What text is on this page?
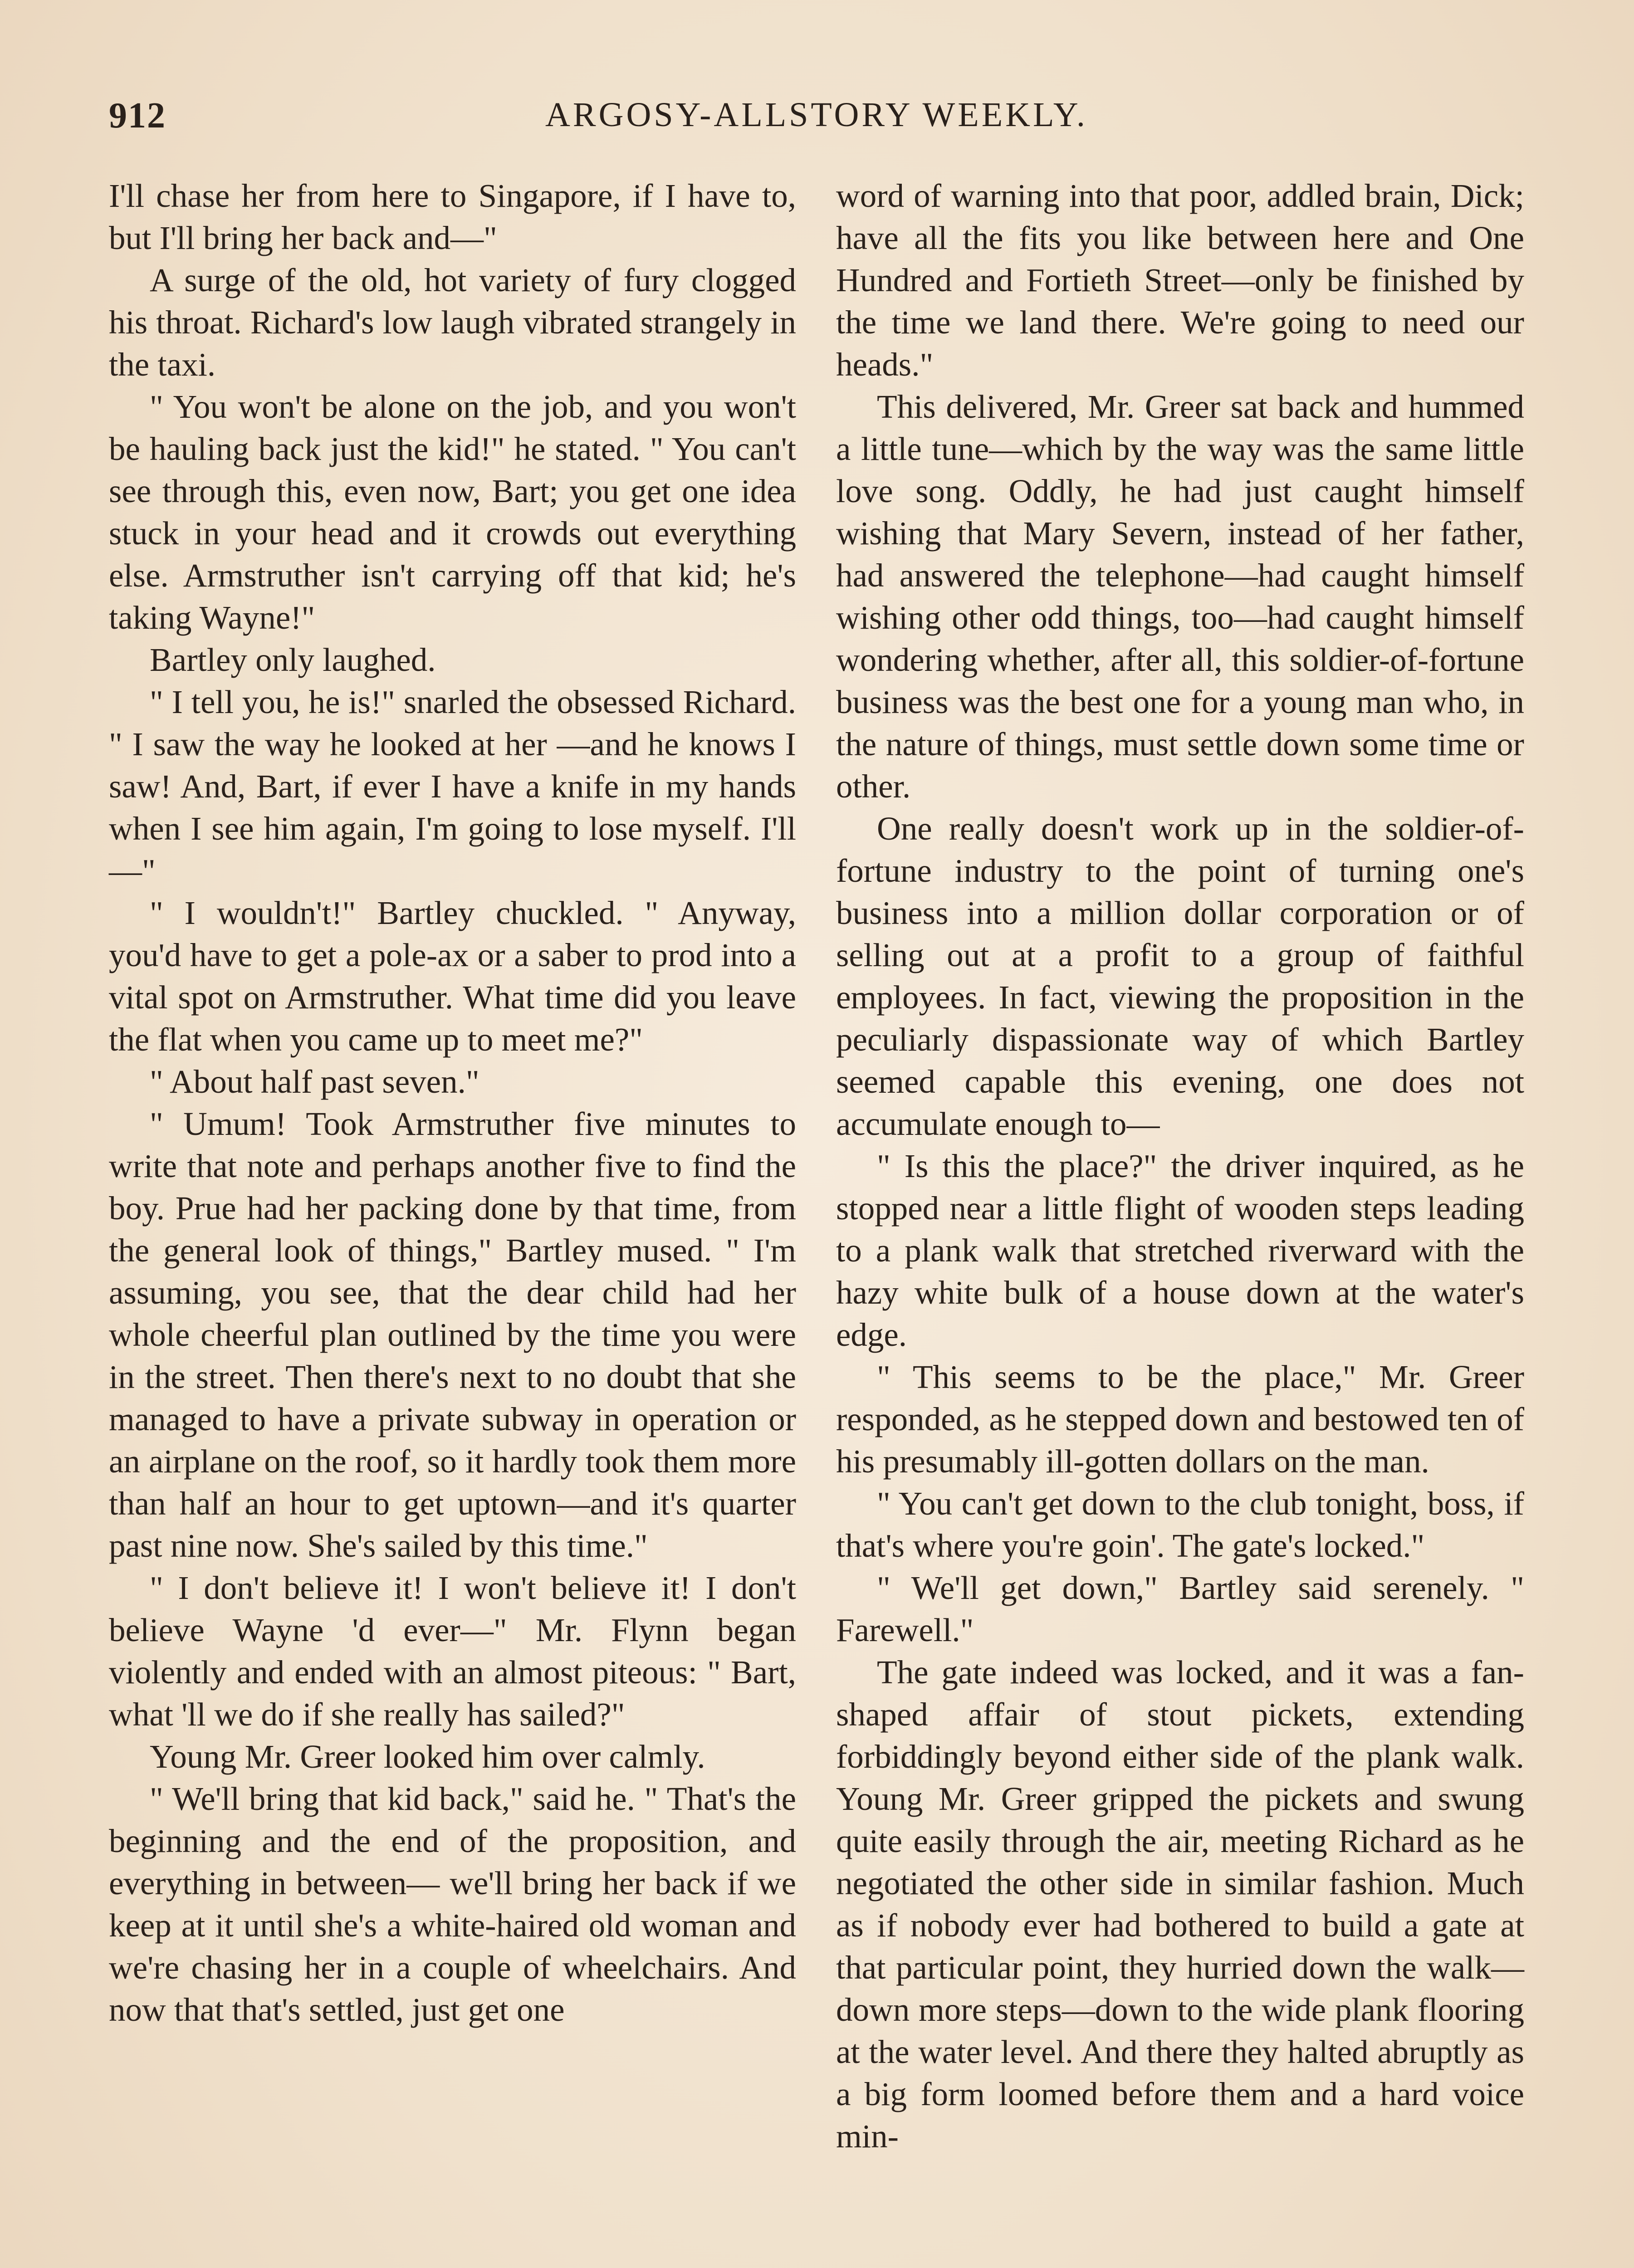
912	ARGOSY-ALLSTORY WEEKLY.

I'll chase her from here to Singapore, if I have to, but I'll bring her back and—"

A surge of the old, hot variety of fury clogged his throat. Richard's low laugh vibrated strangely in the taxi.

" You won't be alone on the job, and you won't be hauling back just the kid!" he stated. " You can't see through this, even now, Bart; you get one idea stuck in your head and it crowds out everything else. Armstruther isn't carrying off that kid; he's taking Wayne!"

Bartley only laughed.

" I tell you, he is!" snarled the obsessed Richard. " I saw the way he looked at her —and he knows I saw! And, Bart, if ever I have a knife in my hands when I see him again, I'm going to lose myself. I'll—"

" I wouldn't!" Bartley chuckled. " Anyway, you'd have to get a pole-ax or a saber to prod into a vital spot on Armstruther. What time did you leave the flat when you came up to meet me?"

" About half past seven."

" Umum! Took Armstruther five minutes to write that note and perhaps another five to find the boy. Prue had her packing done by that time, from the general look of things," Bartley mused. " I'm assuming, you see, that the dear child had her whole cheerful plan outlined by the time you were in the street. Then there's next to no doubt that she managed to have a private subway in operation or an airplane on the roof, so it hardly took them more than half an hour to get uptown—and it's quarter past nine now. She's sailed by this time."

" I don't believe it! I won't believe it! I don't believe Wayne 'd ever—" Mr. Flynn began violently and ended with an almost piteous: " Bart, what 'll we do if she really has sailed?"

Young Mr. Greer looked him over calmly.

" We'll bring that kid back," said he. " That's the beginning and the end of the proposition, and everything in between— we'll bring her back if we keep at it until she's a white-haired old woman and we're chasing her in a couple of wheelchairs. And now that that's settled, just get one

word of warning into that poor, addled brain, Dick; have all the fits you like between here and One Hundred and Fortieth Street—only be finished by the time we land there. We're going to need our heads."

This delivered, Mr. Greer sat back and hummed a little tune—which by the way was the same little love song. Oddly, he had just caught himself wishing that Mary Severn, instead of her father, had answered the telephone—had caught himself wishing other odd things, too—had caught himself wondering whether, after all, this soldier-of-fortune business was the best one for a young man who, in the nature of things, must settle down some time or other.

One really doesn't work up in the soldier-of-fortune industry to the point of turning one's business into a million dollar corporation or of selling out at a profit to a group of faithful employees. In fact, viewing the proposition in the peculiarly dispassionate way of which Bartley seemed capable this evening, one does not accumulate enough to—

" Is this the place?" the driver inquired, as he stopped near a little flight of wooden steps leading to a plank walk that stretched riverward with the hazy white bulk of a house down at the water's edge.

" This seems to be the place," Mr. Greer responded, as he stepped down and bestowed ten of his presumably ill-gotten dollars on the man.

" You can't get down to the club tonight, boss, if that's where you're goin'. The gate's locked."

" We'll get down," Bartley said serenely. " Farewell."

The gate indeed was locked, and it was a fan-shaped affair of stout pickets, extending forbiddingly beyond either side of the plank walk. Young Mr. Greer gripped the pickets and swung quite easily through the air, meeting Richard as he negotiated the other side in similar fashion. Much as if nobody ever had bothered to build a gate at that particular point, they hurried down the walk—down more steps—down to the wide plank flooring at the water level. And there they halted abruptly as a big form loomed before them and a hard voice min-
